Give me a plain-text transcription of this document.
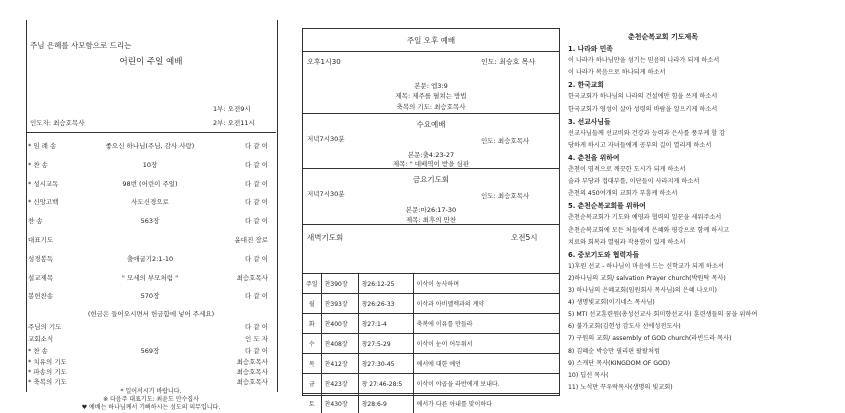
주님 은혜를 사모함으로 드리는
어린이 주일 예배
1부: 오전9시
인도자: 최승호목사	2부: 오전11시
* 임 례 송	좋으신 하나님(주님, 감사 사랑)	다 같 이
* 찬 송	10장	다 같 이
* 성시교독	98번 (어린이 주일)	다 같 이
* 신앙고백	사도신경으로	다 같 이
찬 송	563장	다 같 이
대표기도	윤대진 장로
성경봉독	출애굽기2:1-10	다 같 이
설교제목	" 모세의 부모처럼 "	최승호목사
봉헌찬송	570장	다 같 이
(헌금은 들어오시면서 헌금함에 넣어 주세요)
주님의 기도	다 같 이
교회소식	인 도 자
* 찬 송	569장	다 같 이
* 치유의 기도	최승호목사
* 파송의 기도	최승호목사
* 축복의 기도	최승호목사
* 일어서시기 바랍니다.
※ 다음주 대표기도: 최윤도 안수집사
♥ 예배는 하나님께서 기뻐하시는 성도의 의무입니다.
주일 오후 예배
오후1시30	인도: 최승호 목사
본문: 엡3:9
제목: 제주를 펼쳐는 방법
축복의 기도: 최승호목사
수요예배
저녁7시30분	인도: 최승호목사
본문:출4:23-27
제목: " 대배역이 받을 심판
금요기도회
저녁7시30분	인도: 최승호목사
본문:마26:17-30
제목: 최후의 만찬
새벽기도회	오전5시
주일	찬390장	창26:12-25	이삭이 농사하며
월	찬393장	창26:26-33	이삭과 아비멜렉과의 계약
화	찬400장	창27:1-4	축복에 이유를 만들라
수	찬408장	창27:5-29	이삭이 눈이 어두워서
목	찬412장	창27:30-45	에서에 대한 예언
금	찬423장	창 27:46-28:5	이삭이 야곱을 라반에게 보내다.
토	찬430장	창28:6-9	에서가 다른 아내를 맞이하다
춘천순복교회 기도제목
1. 나라와 민족
이 나라가 하나님만을 섬기는 믿음의 나라가 되게 하소서
이 나라가 복음으로 하나되게 하소서
2. 한국교회
한국교회가 하나님의 나라의 건설에만 힘을 쓰게 하소서
한국교회가 영성이 살아 성령의 바람을 일으키게 하소서
3. 선교사님들
선교사님들께 선교비와 건강과 능력과 은사를 풍부케 할 감
당하게 하시고 자녀들에게 공부의 길이 열리게 하소서
4. 춘천을 위하여
춘천이 영적으로 깨끗한 도시가 되게 하소서
술과 부당과 접대부를, 이단들이 사라지게 하소서
춘천의 450여개의 교회가 부흥케 하소서
5. 춘천순복교회를 위하여
춘천순복교회가 기도와 예영과 협력의 일꾼을 세워주소서
춘천순복교회에 모든 처들에게 은혜와 평강으로 함께 하시고
치료와 회복과 열림과 작용함이 있게 하소서
6. 중보기도와 협력자들
1)후원 선교 - 하나님이 마음에 드는 신학교가 되게 하소서
2)하나님의 교회/ salvation Prayer church(박원탁 목사)
3) 하나님의 은혜교회(임원회사 목사님)의 은혜 나오미)
4) 생명빛교회(이기네스 목사님)
5) MTI 선교훈련원(총성선교사 회미향선교사) 훈련생들의 꿈을 위하여
6) 불가교회(김헌성 감도사 선에성전도사)
7) 구원의 교회/ assembly of GOD church(라빈드라 목사)
8) 김혜순 박승만 필리핀 팔팔처럼
9) 스캐단 목사(KINGDOM OF GOD)
10) 딥선 목사(
11) 노석만 꾸우락목사(생명의 빛교회)
